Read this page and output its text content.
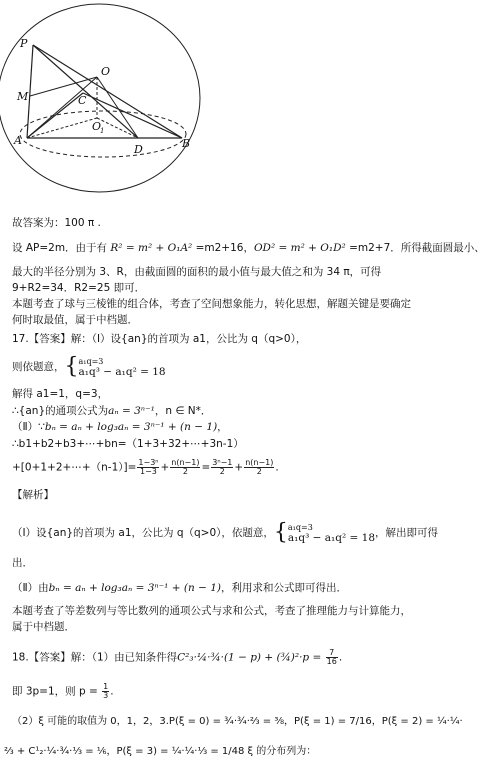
P
M
A
C
O
O
1
D	B
故答案为：100 π .
设 AP=2m．由于有 R² = m² + O₁A² =m2+16，OD² = m² + O₁D² =m2+7．所得截面圆最小、
最大的半径分别为 3、R，由截面圆的面积的最小值与最大值之和为 34 π，可得
9+R2=34．R2=25 即可．
本题考查了球与三棱锥的组合体，考查了空间想象能力，转化思想，解题关键是要确定
何时取最值，属于中档题．
17.【答案】解：（Ⅰ）设{an}的首项为 a1，公比为 q（q>0），
则依题意，{ a₁q=3
a₁q³ − a₁q² = 18
解得 a1=1，q=3，
∴{an}的通项公式为aₙ = 3ⁿ⁻¹，n ∈ N*．
（Ⅱ）∵bₙ = aₙ + log₃aₙ = 3ⁿ⁻¹ + (n − 1)，
∴b1+b2+b3+⋯+bn=（1+3+32+⋯+3n-1）
+[0+1+2+⋯+（n-1）]= $\frac{\text{1−3ⁿ}}{1-3} + \frac{n(n-1)}{2} = \frac{\text{3ⁿ−1}}{2} + \frac{n(n-1)}{2}$ .
【解析】
（Ⅰ）设{an}的首项为 a1，公比为 q（q>0），依题意，{ a₁q=3
a₁q³ − a₁q² = 18 ，解出即可得
出．
（Ⅱ）由bₙ = aₙ + log₃aₙ = 3ⁿ⁻¹ + (n − 1)，利用求和公式即可得出．
本题考查了等差数列与等比数列的通项公式与求和公式，考查了推理能力与计算能力，
属于中档题．
18.【答案】解：（1）由已知条件得C²₃·¼·¾·(1 − p) + (¾)²·p = $\frac{7}{16}$ .
即 3p=1，则 $p = \frac{1}{3}$ .
（2）ξ 可能的取值为 0，1，2，3.P(ξ = 0) = ¾·¾·⅔ = ⅜，P(ξ = 1) = 7/16，P(ξ = 2) = ¼·¼·
⅔ + C¹₂·¼·¾·⅓ = ⅙，P(ξ = 3) = ¼·¼·⅓ = 1/48 ξ 的分布列为：
